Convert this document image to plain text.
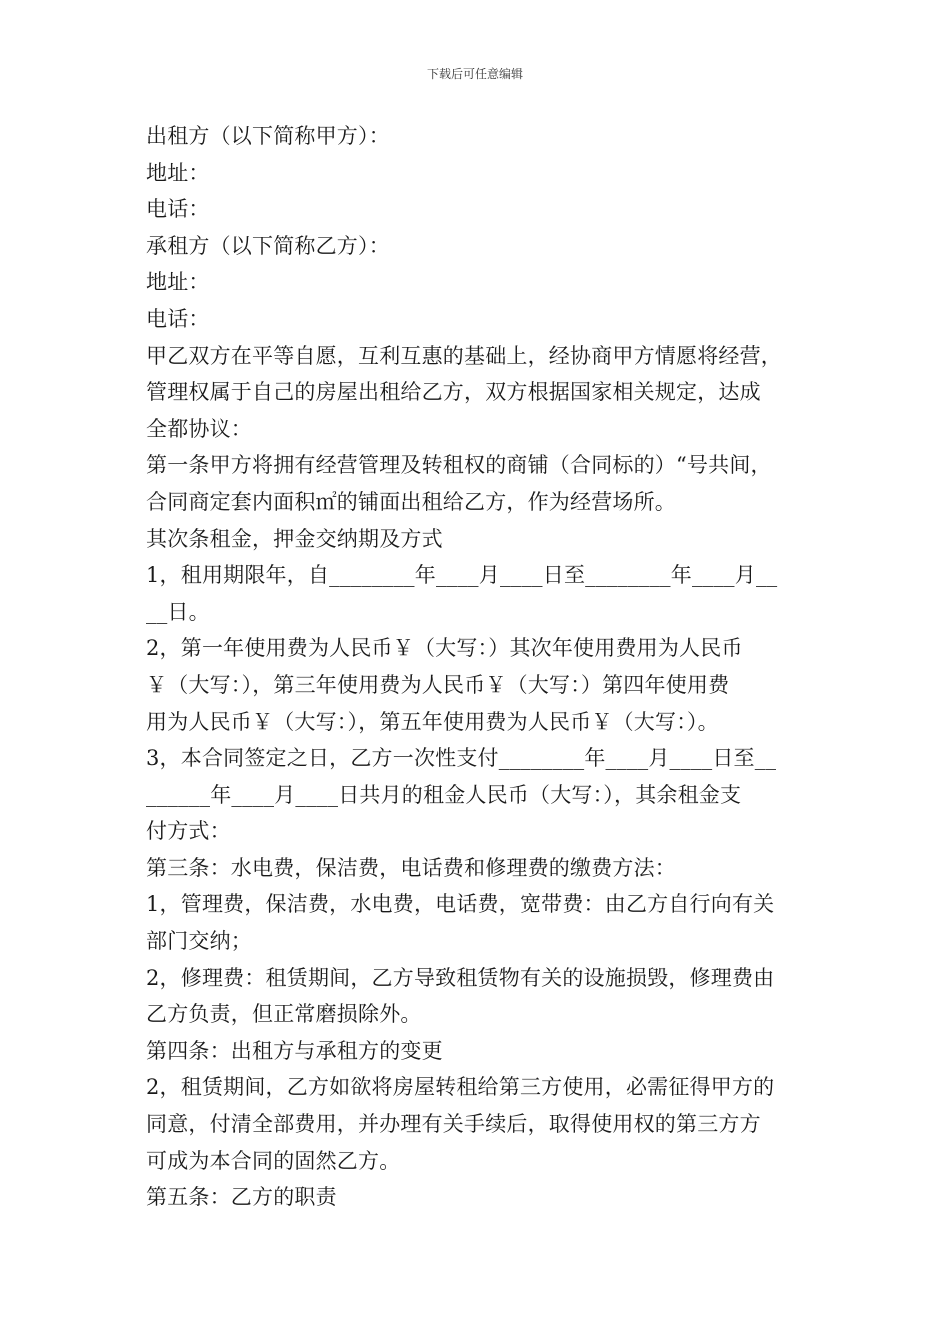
下载后可任意编辑

出租方（以下简称甲方）：

地址：

电话：

承租方（以下简称乙方）：

地址：

电话：

甲乙双方在平等自愿，互利互惠的基础上，经协商甲方情愿将经营，

管理权属于自己的房屋出租给乙方，双方根据国家相关规定，达成

全都协议：

第一条甲方将拥有经营管理及转租权的商铺（合同标的）“号共间，

合同商定套内面积㎡的铺面出租给乙方，作为经营场所。

其次条租金，押金交纳期及方式

1，租用期限年，自________年____月____日至________年____月__

__日。

2，第一年使用费为人民币￥（大写：）其次年使用费用为人民币

￥（大写：），第三年使用费为人民币￥（大写：）第四年使用费

用为人民币￥（大写：），第五年使用费为人民币￥（大写：）。

3，本合同签定之日，乙方一次性支付________年____月____日至__

______年____月____日共月的租金人民币（大写：），其余租金支

付方式：

第三条：水电费，保洁费，电话费和修理费的缴费方法：

1，管理费，保洁费，水电费，电话费，宽带费：由乙方自行向有关

部门交纳；

2，修理费：租赁期间，乙方导致租赁物有关的设施损毁，修理费由

乙方负责，但正常磨损除外。

第四条：出租方与承租方的变更

2，租赁期间，乙方如欲将房屋转租给第三方使用，必需征得甲方的

同意，付清全部费用，并办理有关手续后，取得使用权的第三方方

可成为本合同的固然乙方。

第五条：乙方的职责
